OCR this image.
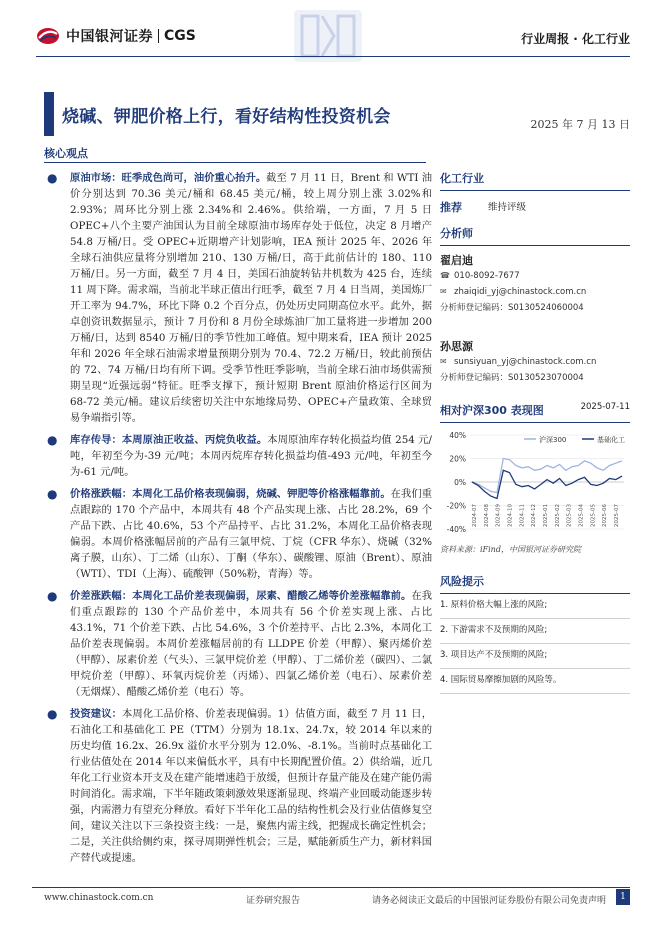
中国银河证券 CGS	行业周报 · 化工行业
烧碱、钾肥价格上行，看好结构性投资机会	2025 年 7 月 13 日
核心观点
● 原油市场：旺季成色尚可，油价重心抬升。截至 7 月 11 日，Brent 和 WTI 油价分别达到 70.36 美元/桶和 68.45 美元/桶，较上周分别上涨 3.02%和 2.93%；周环比分别上涨 2.34%和 2.46%。供给端，一方面，7 月 5 日 OPEC+八个主要产油国认为目前全球原油市场库存处于低位，决定 8 月增产 54.8 万桶/日。受 OPEC+近期增产计划影响，IEA 预计 2025 年、2026 年全球石油供应量将分别增加 210、130 万桶/日，高于此前估计的 180、110 万桶/日。另一方面，截至 7 月 4 日，美国石油旋转钻井机数为 425 台，连续 11 周下降。需求端，当前北半球正值出行旺季，截至 7 月 4 日当周，美国炼厂开工率为 94.7%，环比下降 0.2 个百分点，仍处历史同期高位水平。此外，据卓创资讯数据显示，预计 7 月份和 8 月份全球炼油厂加工量将进一步增加 200 万桶/日，达到 8540 万桶/日的季节性加工峰值。短中期来看，IEA 预计 2025 年和 2026 年全球石油需求增量预期分别为 70.4、72.2 万桶/日，较此前预估的 72、74 万桶/日均有所下调。受季节性旺季影响，当前全球石油市场供需预期呈现“近强远弱”特征。旺季支撑下，预计短期 Brent 原油价格运行区间为 68-72 美元/桶。建议后续密切关注中东地缘局势、OPEC+产量政策、全球贸易争端指引等。
● 库存传导：本周原油正收益、丙烷负收益。本周原油库存转化损益均值 254 元/吨，年初至今为-39 元/吨；本周丙烷库存转化损益均值-493 元/吨，年初至今为-61 元/吨。
● 价格涨跌幅：本周化工品价格表现偏弱，烧碱、钾肥等价格涨幅靠前。在我们重点跟踪的 170 个产品中，本周共有 48 个产品实现上涨、占比 28.2%，69 个产品下跌、占比 40.6%，53 个产品持平、占比 31.2%，本周化工品价格表现偏弱。本周价格涨幅居前的产品有三氯甲烷、丁烷（CFR 华东）、烧碱（32%离子膜，山东）、丁二烯（山东）、丁酮（华东）、碳酸锂、原油（Brent）、原油（WTI）、TDI（上海）、硫酸钾（50%粉，青海）等。
● 价差涨跌幅：本周化工品价差表现偏弱，尿素、醋酸乙烯等价差涨幅靠前。在我们重点跟踪的 130 个产品价差中，本周共有 56 个价差实现上涨、占比 43.1%，71 个价差下跌、占比 54.6%，3 个价差持平、占比 2.3%，本周化工品价差表现偏弱。本周价差涨幅居前的有 LLDPE 价差（甲醇）、聚丙烯价差（甲醇）、尿素价差（气头）、三氯甲烷价差（甲醇）、丁二烯价差（碳四）、二氯甲烷价差（甲醇）、环氧丙烷价差（丙烯）、四氯乙烯价差（电石）、尿素价差（无烟煤）、醋酸乙烯价差（电石）等。
● 投资建议：本周化工品价格、价差表现偏弱。1）估值方面，截至 7 月 11 日，石油化工和基础化工 PE（TTM）分别为 18.1x、24.7x，较 2014 年以来的历史均值 16.2x、26.9x 溢价水平分别为 12.0%、-8.1%。当前时点基础化工行业估值处在 2014 年以来偏低水平，具有中长期配置价值。2）供给端，近几年化工行业资本开支及在建产能增速趋于放缓，但预计存量产能及在建产能仍需时间消化。需求端，下半年随政策刺激效果逐渐显现、终端产业回暖动能逐步转强，内需潜力有望充分释放。看好下半年化工品的结构性机会及行业估值修复空间，建议关注以下三条投资主线：一是，聚焦内需主线，把握成长确定性机会；二是，关注供给侧约束，探寻周期弹性机会；三是，赋能新质生产力，新材料国产替代或提速。
化工行业
推荐	维持评级
分析师
翟启迪
☎ 010-8092-7677
✉ zhaiqidi_yj@chinastock.com.cn
分析师登记编码：S0130524060004
孙思源
✉ sunsiyuan_yj@chinastock.com.cn
分析师登记编码：S0130523070004
相对沪深300 表现图	2025-07-11
40%
20%
0%
-20%
-40%
2024-07 2024-08 2024-09 2024-10 2024-11 2024-12 2025-01 2025-02 2025-03 2025-04 2025-05 2025-06 2025-07
沪深300	基础化工
资料来源：iFind，中国银河证券研究院
风险提示
1. 原料价格大幅上涨的风险;
2. 下游需求不及预期的风险;
3. 项目达产不及预期的风险;
4. 国际贸易摩擦加剧的风险等。
www.chinastock.com.cn	证券研究报告	请务必阅读正文最后的中国银河证券股份有限公司免责声明	1
